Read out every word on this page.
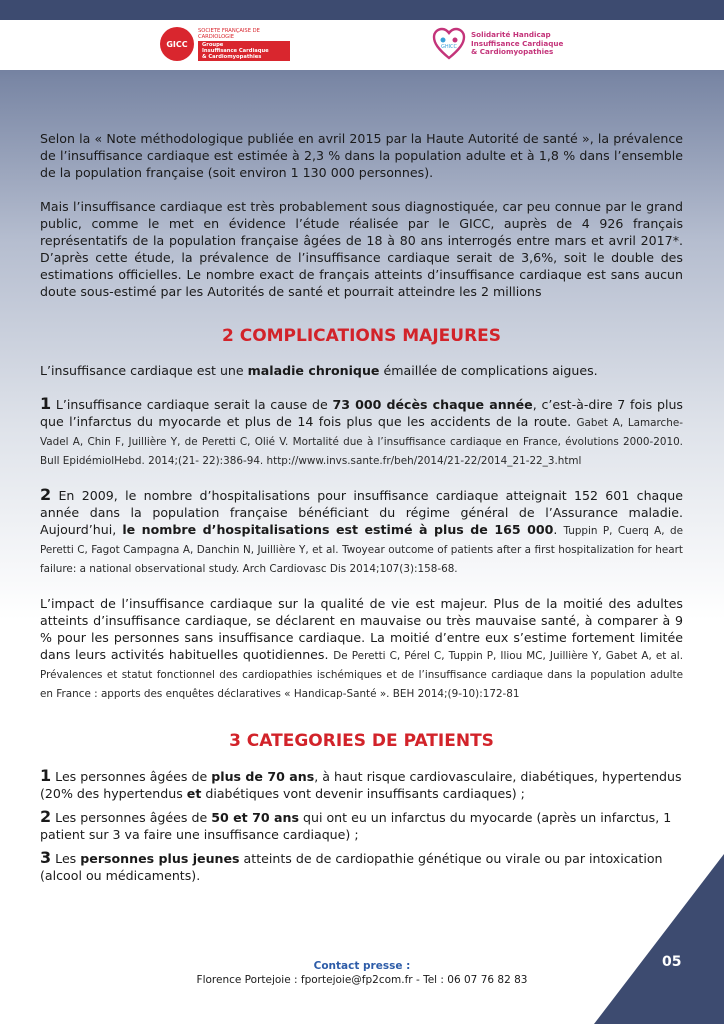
GICC
SOCIETE FRANÇAISE DE CARDIOLOGIE
Groupe
Insuffisance Cardiaque
& Cardiomyopathies
GHICC
Solidarité Handicap
Insuffisance Cardiaque
& Cardiomyopathies

Selon la « Note méthodologique publiée en avril 2015 par la Haute Autorité de santé », la prévalence de l’insuffisance cardiaque est estimée à 2,3 % dans la population adulte et à 1,8 % dans l’ensemble de la population française (soit environ 1 130 000 personnes).

Mais l’insuffisance cardiaque est très probablement sous diagnostiquée, car peu connue par le grand public, comme le met en évidence l’étude réalisée par le GICC, auprès de 4 926 français représentatifs de la population française âgées de 18 à 80 ans interrogés entre mars et avril 2017*. D’après cette étude, la prévalence de l’insuffisance cardiaque serait de 3,6%, soit le double des estimations officielles. Le nombre exact de français atteints d’insuffisance cardiaque est sans aucun doute sous-estimé par les Autorités de santé et pourrait atteindre les 2 millions

2 COMPLICATIONS MAJEURES

L’insuffisance cardiaque est une maladie chronique émaillée de complications aigues.

1 L’insuffisance cardiaque serait la cause de 73 000 décès chaque année, c’est-à-dire 7 fois plus que l’infarctus du myocarde et plus de 14 fois plus que les accidents de la route. Gabet A, Lamarche-Vadel A, Chin F, Juillière Y, de Peretti C, Olié V. Mortalité due à l’insuffisance cardiaque en France, évolutions 2000-2010. Bull EpidémiolHebd. 2014;(21- 22):386-94. http://www.invs.sante.fr/beh/2014/21-22/2014_21-22_3.html

2 En 2009, le nombre d’hospitalisations pour insuffisance cardiaque atteignait 152 601 chaque année dans la population française bénéficiant du régime général de l’Assurance maladie. Aujourd’hui, le nombre d’hospitalisations est estimé à plus de 165 000. Tuppin P, Cuerq A, de Peretti C, Fagot Campagna A, Danchin N, Juillière Y, et al. Twoyear outcome of patients after a first hospitalization for heart failure: a national observational study. Arch Cardiovasc Dis 2014;107(3):158-68.

L’impact de l’insuffisance cardiaque sur la qualité de vie est majeur. Plus de la moitié des adultes atteints d’insuffisance cardiaque, se déclarent en mauvaise ou très mauvaise santé, à comparer à 9 % pour les personnes sans insuffisance cardiaque. La moitié d’entre eux s’estime fortement limitée dans leurs activités habituelles quotidiennes. De Peretti C, Pérel C, Tuppin P, Iliou MC, Juillière Y, Gabet A, et al. Prévalences et statut fonctionnel des cardiopathies ischémiques et de l’insuffisance cardiaque dans la population adulte en France : apports des enquêtes déclaratives « Handicap-Santé ». BEH 2014;(9-10):172-81

3 CATEGORIES DE PATIENTS

1 Les personnes âgées de plus de 70 ans, à haut risque cardiovasculaire, diabétiques, hypertendus (20% des hypertendus et diabétiques vont devenir insuffisants cardiaques) ;

2 Les personnes âgées de 50 et 70 ans qui ont eu un infarctus du myocarde (après un infarctus, 1 patient sur 3 va faire une insuffisance cardiaque) ;

3 Les personnes plus jeunes atteints de de cardiopathie génétique ou virale ou par intoxication (alcool ou médicaments).

Contact presse :
Florence Portejoie : fportejoie@fp2com.fr - Tel : 06 07 76 82 83
05
